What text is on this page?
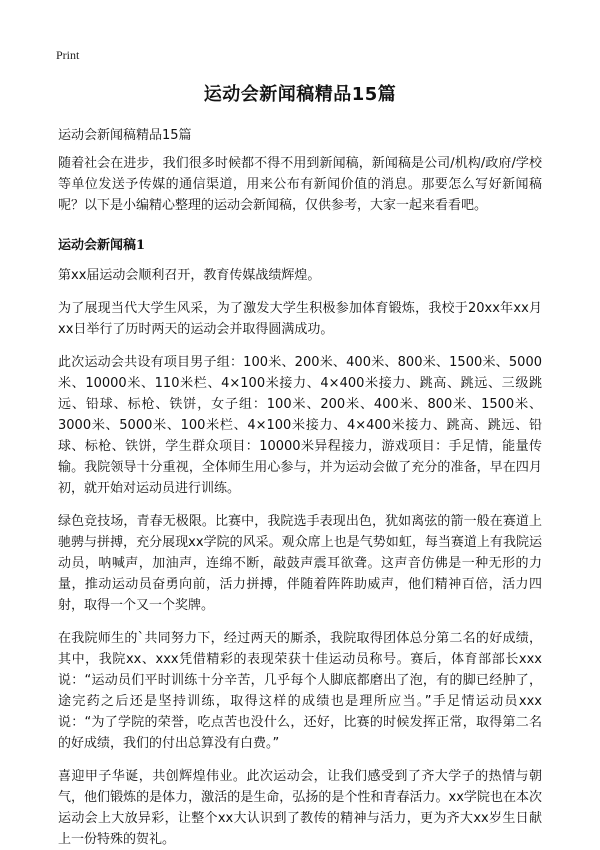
Print
运动会新闻稿精品15篇
运动会新闻稿精品15篇

随着社会在进步，我们很多时候都不得不用到新闻稿，新闻稿是公司/机构/政府/学校等单位发送予传媒的通信渠道，用来公布有新闻价值的消息。那要怎么写好新闻稿呢？以下是小编精心整理的运动会新闻稿，仅供参考，大家一起来看看吧。

运动会新闻稿1

第xx届运动会顺利召开，教育传媒战绩辉煌。

为了展现当代大学生风采，为了激发大学生积极参加体育锻炼，我校于20xx年xx月xx日举行了历时两天的运动会并取得圆满成功。

此次运动会共设有项目男子组：100米、200米、400米、800米、1500米、5000米、10000米、110米栏、4×100米接力、4×400米接力、跳高、跳远、三级跳远、铅球、标枪、铁饼，女子组：100米、200米、400米、800米、1500米、3000米、5000米、100米栏、4×100米接力、4×400米接力、跳高、跳远、铅球、标枪、铁饼，学生群众项目：10000米异程接力，游戏项目：手足情，能量传输。我院领导十分重视，全体师生用心参与，并为运动会做了充分的准备，早在四月初，就开始对运动员进行训练。

绿色竞技场，青春无极限。比赛中，我院选手表现出色，犹如离弦的箭一般在赛道上驰骋与拼搏，充分展现xx学院的风采。观众席上也是气势如虹，每当赛道上有我院运动员，呐喊声，加油声，连绵不断，敲鼓声震耳欲聋。这声音仿佛是一种无形的力量，推动运动员奋勇向前，活力拼搏，伴随着阵阵助威声，他们精神百倍，活力四射，取得一个又一个奖牌。

在我院师生的`共同努力下，经过两天的厮杀，我院取得团体总分第二名的好成绩，其中，我院xx、xxx凭借精彩的表现荣获十佳运动员称号。赛后，体育部部长xxx说：“运动员们平时训练十分辛苦，几乎每个人脚底都磨出了泡，有的脚已经肿了，途完药之后还是坚持训练，取得这样的成绩也是理所应当。”手足情运动员xxx说：“为了学院的荣誉，吃点苦也没什么，还好，比赛的时候发挥正常，取得第二名的好成绩，我们的付出总算没有白费。”

喜迎甲子华诞，共创辉煌伟业。此次运动会，让我们感受到了齐大学子的热情与朝气，他们锻炼的是体力，激活的是生命，弘扬的是个性和青春活力。xx学院也在本次运动会上大放异彩，让整个xx大认识到了教传的精神与活力，更为齐大xx岁生日献上一份特殊的贺礼。
